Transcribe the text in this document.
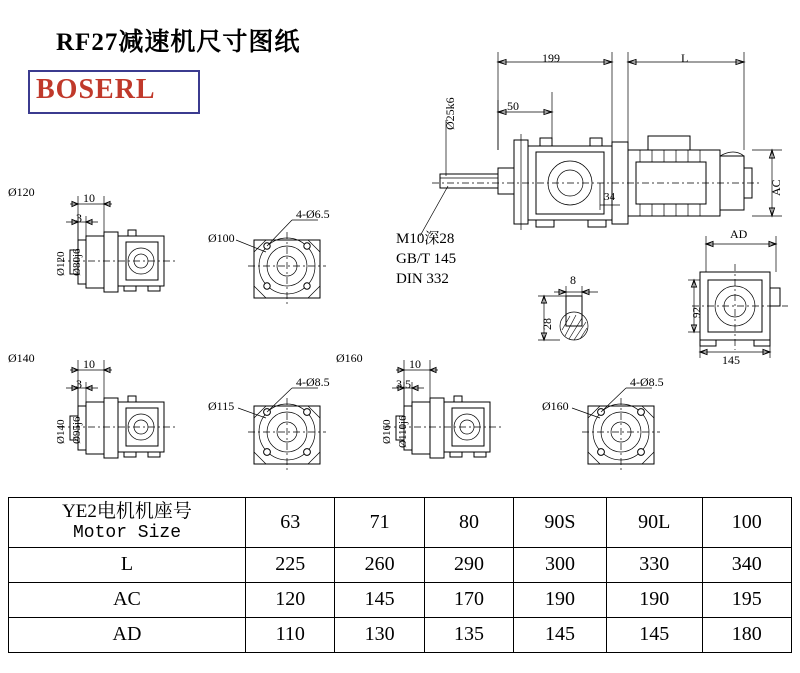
RF27减速机尺寸图纸
BOSERL
199	L
50
Ø25k6
AC
34
M10深28
GB/T 145
DIN 332	8
28
AD
92
145
Ø120	10
3
Ø120 Ø80j6
4-Ø6.5
Ø100
Ø140	10
3
Ø140 Ø95j6
4-Ø8.5
Ø115
Ø160	10
3.5
Ø160 Ø110j6
4-Ø8.5
Ø160
YE2电机机座号
Motor Size	63	71	80	90S	90L	100
L	225	260	290	300	330	340
AC	120	145	170	190	190	195
AD	110	130	135	145	145	180
